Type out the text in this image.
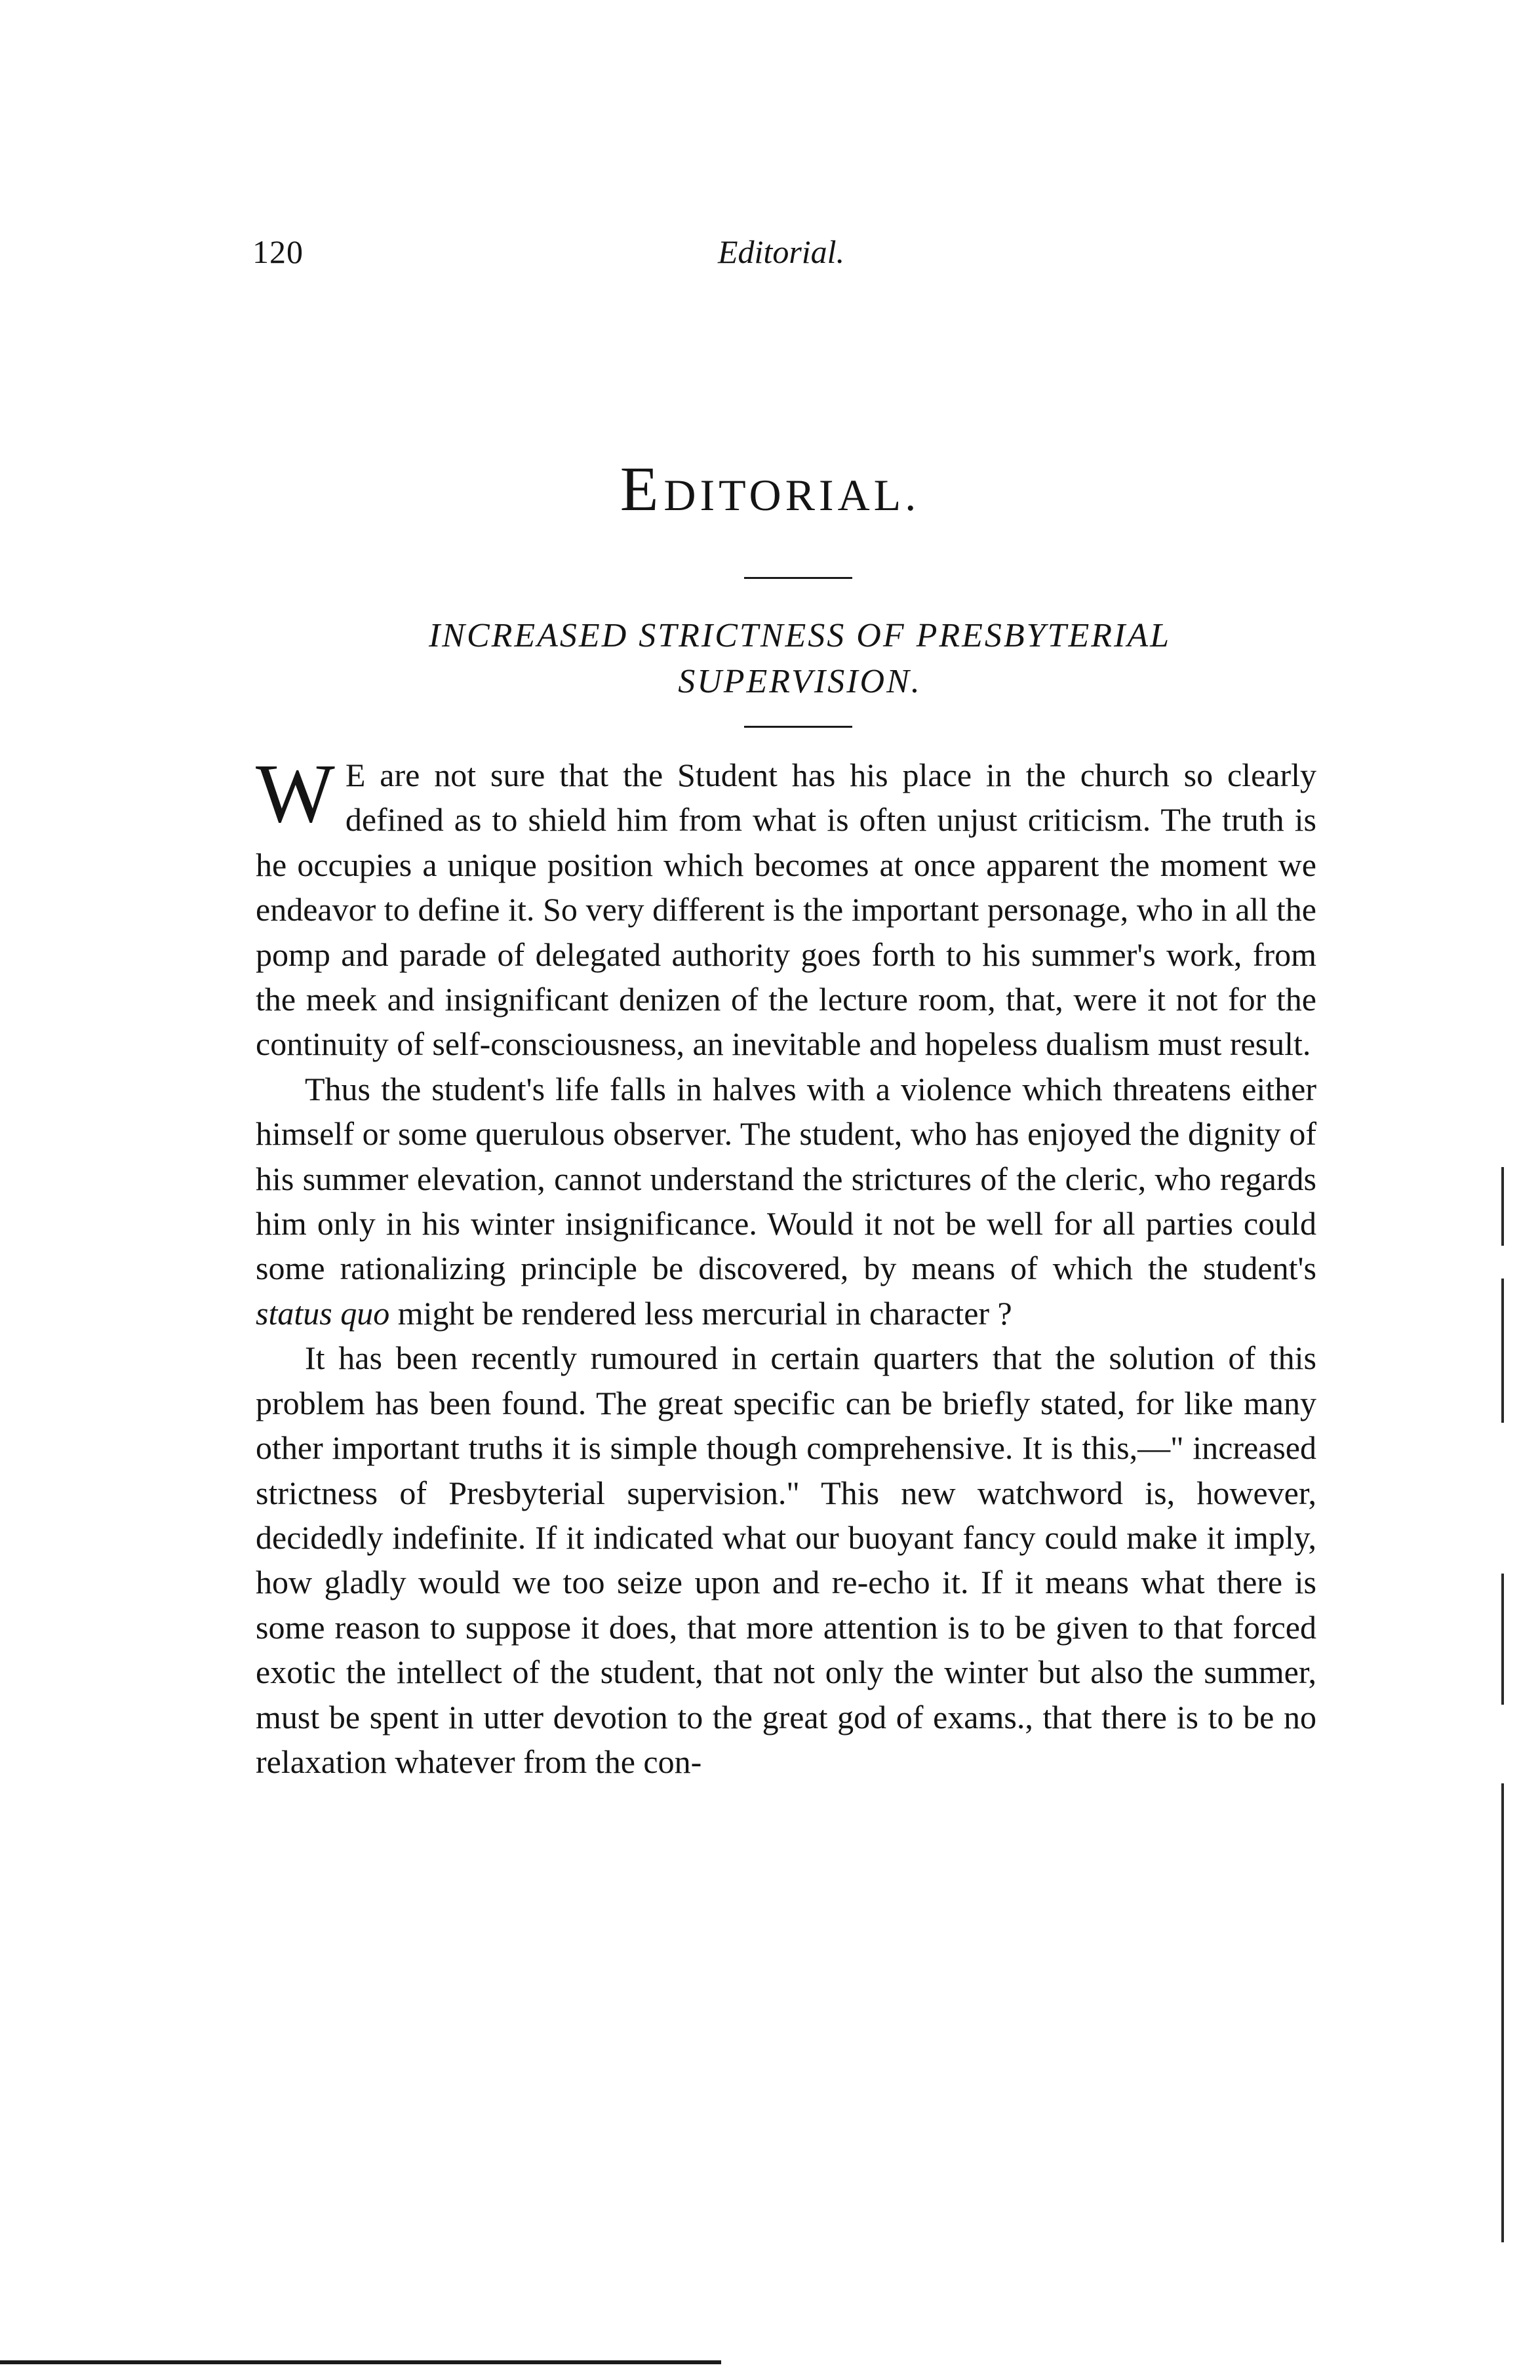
120	Editorial.
EDITORIAL.
INCREASED STRICTNESS OF PRESBYTERIAL
SUPERVISION.

W E are not sure that the Student has his place in the church so clearly defined as to shield him from what is often unjust criticism. The truth is he occupies a unique position which becomes at once apparent the moment we endeavor to define it. So very different is the important personage, who in all the pomp and parade of delegated authority goes forth to his summer's work, from the meek and insignificant denizen of the lecture room, that, were it not for the continuity of self-consciousness, an inevitable and hopeless dualism must result.

Thus the student's life falls in halves with a violence which threatens either himself or some querulous observer. The student, who has enjoyed the dignity of his summer elevation, cannot understand the strictures of the cleric, who regards him only in his winter insignificance. Would it not be well for all parties could some rationalizing principle be discovered, by means of which the student's status quo might be rendered less mercurial in character ?

It has been recently rumoured in certain quarters that the solution of this problem has been found. The great specific can be briefly stated, for like many other important truths it is simple though comprehensive. It is this,—" increased strictness of Presbyterial supervision." This new watchword is, however, decidedly indefinite. If it indicated what our buoyant fancy could make it imply, how gladly would we too seize upon and re-echo it. If it means what there is some reason to suppose it does, that more attention is to be given to that forced exotic the intellect of the student, that not only the winter but also the summer, must be spent in utter devotion to the great god of exams., that there is to be no relaxation whatever from the con-
